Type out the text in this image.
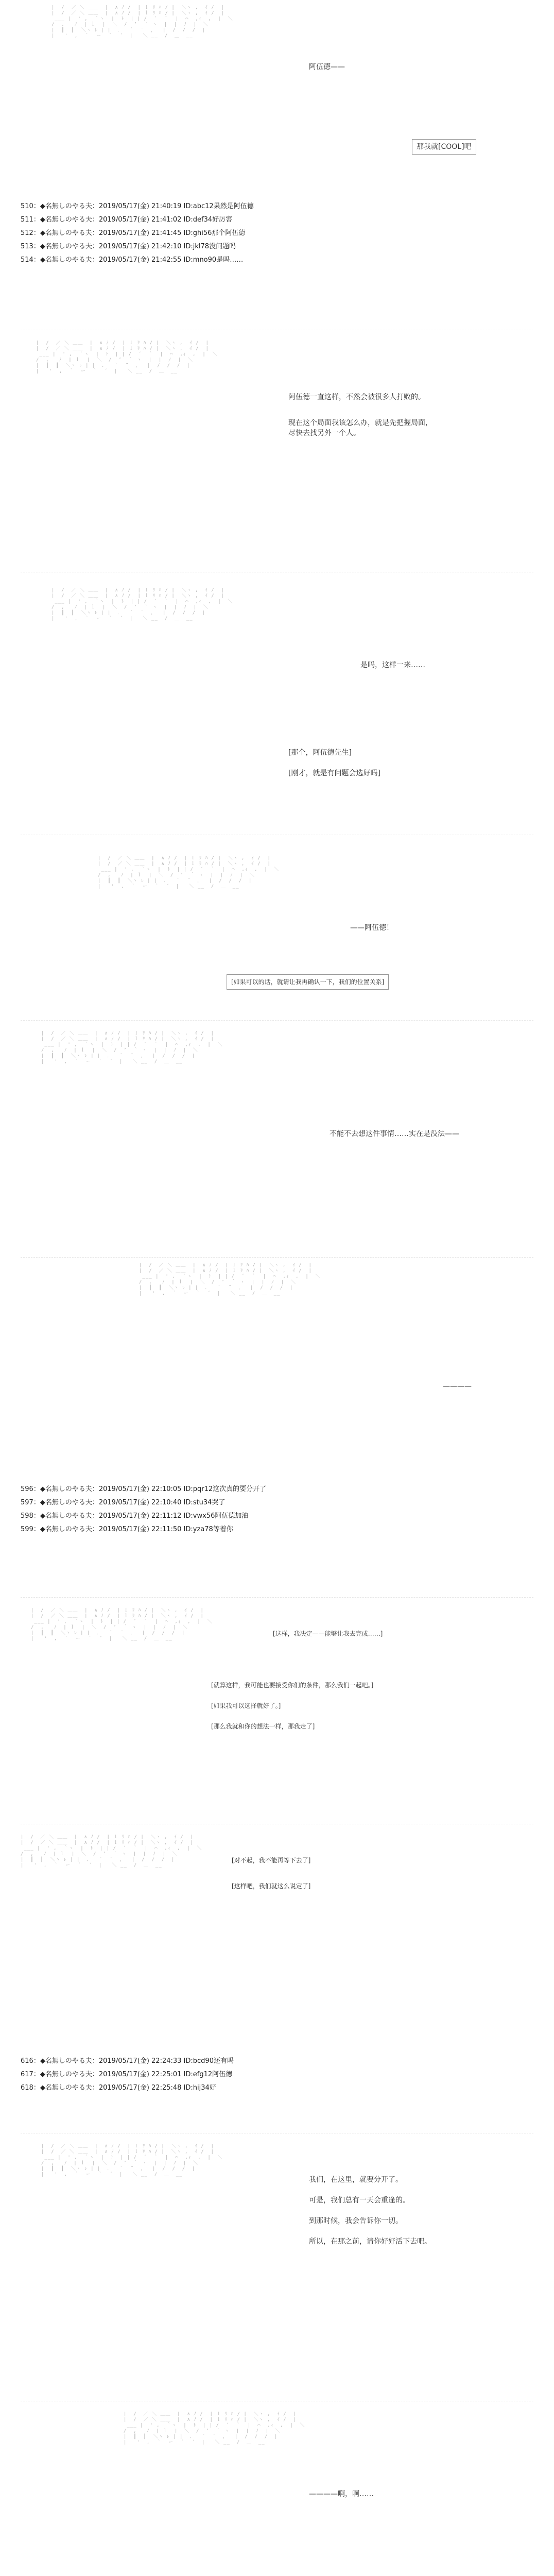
|  /  ／ ＼ ＿＿  |  ∧ ﾉ /  | ｌ ﾘ ﾊ / |  ＼ヽ ,  ｲ /  |
|  /  ／ ＼ ＿＿  |  ∧ ﾉ /  | ｌ ﾘ ﾊ / |  ＼ヽ ,  ｲ /  |
___ |  ' ,  ｀ヽ  |  ﾄ  | | /  ´  ｀  |  ⌒  ,ｨ  ,  |  ＼
/  ,   ﾉ  | ｌ  |  ＼  /  ’  ｀ ヽ  |  |  ﾉ  |  ＼
|  ┃  ┃  ＼ヽ ﾚ | |  ．  ｀  ¨  ，  |  /  /  /  |
|   '  ,  ｀  ー  ｀  ´  |   ＼ __  /  ＿  __

阿伍德——
那我就[COOL]吧
510：◆名無しのやる夫：2019/05/17(金) 21:40:19 ID:abc12果然是阿伍德
511：◆名無しのやる夫：2019/05/17(金) 21:41:02 ID:def34好厉害
512：◆名無しのやる夫：2019/05/17(金) 21:41:45 ID:ghi56那个阿伍德
513：◆名無しのやる夫：2019/05/17(金) 21:42:10 ID:jkl78没问题吗
514：◆名無しのやる夫：2019/05/17(金) 21:42:55 ID:mno90是吗……
|  /  ／ ＼ ＿＿  |  ∧ ﾉ /  | ｌ ﾘ ﾊ / |  ＼ヽ ,  ｲ /  |
|  /  ／ ＼ ＿＿  |  ∧ ﾉ /  | ｌ ﾘ ﾊ / |  ＼ヽ ,  ｲ /  |
___ |  ' ,  ｀ヽ  |  ﾄ  | | /  ´  ｀  |  ⌒  ,ｨ  ,  |  ＼
/  ,   ﾉ  | ｌ  |  ＼  /  ’  ｀ ヽ  |  |  ﾉ  |  ＼
|  ┃  ┃  ＼ヽ ﾚ | |  ．  ｀  ¨  ，  |  /  /  /  |
|   '  ,  ｀  ー  ｀  ´  |   ＼ __  /  ＿  __

阿伍德一直这样，不然会被很多人打败的。
现在这个局面我该怎么办，就是先把握局面，
尽快去找另外一个人。
|  /  ／ ＼ ＿＿  |  ∧ ﾉ /  | ｌ ﾘ ﾊ / |  ＼ヽ ,  ｲ /  |
|  /  ／ ＼ ＿＿  |  ∧ ﾉ /  | ｌ ﾘ ﾊ / |  ＼ヽ ,  ｲ /  |
___ |  ' ,  ｀ヽ  |  ﾄ  | | /  ´  ｀  |  ⌒  ,ｨ  ,  |  ＼
/  ,   ﾉ  | ｌ  |  ＼  /  ’  ｀ ヽ  |  |  ﾉ  |  ＼
|  ┃  ┃  ＼ヽ ﾚ | |  ．  ｀  ¨  ，  |  /  /  /  |
|   '  ,  ｀  ー  ｀  ´  |   ＼ __  /  ＿  __

是吗，这样一来……
[那个，阿伍德先生]
[刚才，就是有问题会选好吗]
|  /  ／ ＼ ＿＿  |  ∧ ﾉ /  | ｌ ﾘ ﾊ / |  ＼ヽ ,  ｲ /  |
|  /  ／ ＼ ＿＿  |  ∧ ﾉ /  | ｌ ﾘ ﾊ / |  ＼ヽ ,  ｲ /  |
___ |  ' ,  ｀ヽ  |  ﾄ  | | /  ´  ｀  |  ⌒  ,ｨ  ,  |  ＼
/  ,   ﾉ  | ｌ  |  ＼  /  ’  ｀ ヽ  |  |  ﾉ  |  ＼
|  ┃  ┃  ＼ヽ ﾚ | |  ．  ｀  ¨  ，  |  /  /  /  |
|   '  ,  ｀  ー  ｀  ´  |   ＼ __  /  ＿  __

——阿伍德！
[如果可以的话，就请让我再确认一下，我们的位置关系]
|  /  ／ ＼ ＿＿  |  ∧ ﾉ /  | ｌ ﾘ ﾊ / |  ＼ヽ ,  ｲ /  |
|  /  ／ ＼ ＿＿  |  ∧ ﾉ /  | ｌ ﾘ ﾊ / |  ＼ヽ ,  ｲ /  |
___ |  ' ,  ｀ヽ  |  ﾄ  | | /  ´  ｀  |  ⌒  ,ｨ  ,  |  ＼
/  ,   ﾉ  | ｌ  |  ＼  /  ’  ｀ ヽ  |  |  ﾉ  |  ＼
|  ┃  ┃  ＼ヽ ﾚ | |  ．  ｀  ¨  ，  |  /  /  /  |
|   '  ,  ｀  ー  ｀  ´  |   ＼ __  /  ＿  __

不能不去想这件事情……实在是没法——
|  /  ／ ＼ ＿＿  |  ∧ ﾉ /  | ｌ ﾘ ﾊ / |  ＼ヽ ,  ｲ /  |
|  /  ／ ＼ ＿＿  |  ∧ ﾉ /  | ｌ ﾘ ﾊ / |  ＼ヽ ,  ｲ /  |
___ |  ' ,  ｀ヽ  |  ﾄ  | | /  ´  ｀  |  ⌒  ,ｨ  ,  |  ＼
/  ,   ﾉ  | ｌ  |  ＼  /  ’  ｀ ヽ  |  |  ﾉ  |  ＼
|  ┃  ┃  ＼ヽ ﾚ | |  ．  ｀  ¨  ，  |  /  /  /  |
|   '  ,  ｀  ー  ｀  ´  |   ＼ __  /  ＿  __

————
596：◆名無しのやる夫：2019/05/17(金) 22:10:05 ID:pqr12这次真的要分开了
597：◆名無しのやる夫：2019/05/17(金) 22:10:40 ID:stu34哭了
598：◆名無しのやる夫：2019/05/17(金) 22:11:12 ID:vwx56阿伍德加油
599：◆名無しのやる夫：2019/05/17(金) 22:11:50 ID:yza78等着你
|  /  ／ ＼ ＿＿  |  ∧ ﾉ /  | ｌ ﾘ ﾊ / |  ＼ヽ ,  ｲ /  |
|  /  ／ ＼ ＿＿  |  ∧ ﾉ /  | ｌ ﾘ ﾊ / |  ＼ヽ ,  ｲ /  |
___ |  ' ,  ｀ヽ  |  ﾄ  | | /  ´  ｀  |  ⌒  ,ｨ  ,  |  ＼
/  ,   ﾉ  | ｌ  |  ＼  /  ’  ｀ ヽ  |  |  ﾉ  |  ＼
|  ┃  ┃  ＼ヽ ﾚ | |  ．  ｀  ¨  ，  |  /  /  /  |
|   '  ,  ｀  ー  ｀  ´  |   ＼ __  /  ＿  __

[这样，我决定——能够让我去完成……]
[就算这样，我可能也要接受你们的条件，那么我们一起吧。]
[如果我可以选择就好了。]
[那么我就和你的想法一样，那我走了]
|  /  ／ ＼ ＿＿  |  ∧ ﾉ /  | ｌ ﾘ ﾊ / |  ＼ヽ ,  ｲ /  |
|  /  ／ ＼ ＿＿  |  ∧ ﾉ /  | ｌ ﾘ ﾊ / |  ＼ヽ ,  ｲ /  |
___ |  ' ,  ｀ヽ  |  ﾄ  | | /  ´  ｀  |  ⌒  ,ｨ  ,  |  ＼
/  ,   ﾉ  | ｌ  |  ＼  /  ’  ｀ ヽ  |  |  ﾉ  |  ＼
|  ┃  ┃  ＼ヽ ﾚ | |  ．  ｀  ¨  ，  |  /  /  /  |
|   '  ,  ｀  ー  ｀  ´  |   ＼ __  /  ＿  __

[对不起，我不能再等下去了]
[这样吧，我们就这么说定了]
616：◆名無しのやる夫：2019/05/17(金) 22:24:33 ID:bcd90还有吗
617：◆名無しのやる夫：2019/05/17(金) 22:25:01 ID:efg12阿伍德
618：◆名無しのやる夫：2019/05/17(金) 22:25:48 ID:hij34好
|  /  ／ ＼ ＿＿  |  ∧ ﾉ /  | ｌ ﾘ ﾊ / |  ＼ヽ ,  ｲ /  |
|  /  ／ ＼ ＿＿  |  ∧ ﾉ /  | ｌ ﾘ ﾊ / |  ＼ヽ ,  ｲ /  |
___ |  ' ,  ｀ヽ  |  ﾄ  | | /  ´  ｀  |  ⌒  ,ｨ  ,  |  ＼
/  ,   ﾉ  | ｌ  |  ＼  /  ’  ｀ ヽ  |  |  ﾉ  |  ＼
|  ┃  ┃  ＼ヽ ﾚ | |  ．  ｀  ¨  ，  |  /  /  /  |
|   '  ,  ｀  ー  ｀  ´  |   ＼ __  /  ＿  __

我们，在这里，就要分开了。
可是，我们总有一天会重逢的。
到那时候，我会告诉你一切。
所以，在那之前，请你好好活下去吧。
|  /  ／ ＼ ＿＿  |  ∧ ﾉ /  | ｌ ﾘ ﾊ / |  ＼ヽ ,  ｲ /  |
|  /  ／ ＼ ＿＿  |  ∧ ﾉ /  | ｌ ﾘ ﾊ / |  ＼ヽ ,  ｲ /  |
___ |  ' ,  ｀ヽ  |  ﾄ  | | /  ´  ｀  |  ⌒  ,ｨ  ,  |  ＼
/  ,   ﾉ  | ｌ  |  ＼  /  ’  ｀ ヽ  |  |  ﾉ  |  ＼
|  ┃  ┃  ＼ヽ ﾚ | |  ．  ｀  ¨  ，  |  /  /  /  |
|   '  ,  ｀  ー  ｀  ´  |   ＼ __  /  ＿  __

————啊，啊……
